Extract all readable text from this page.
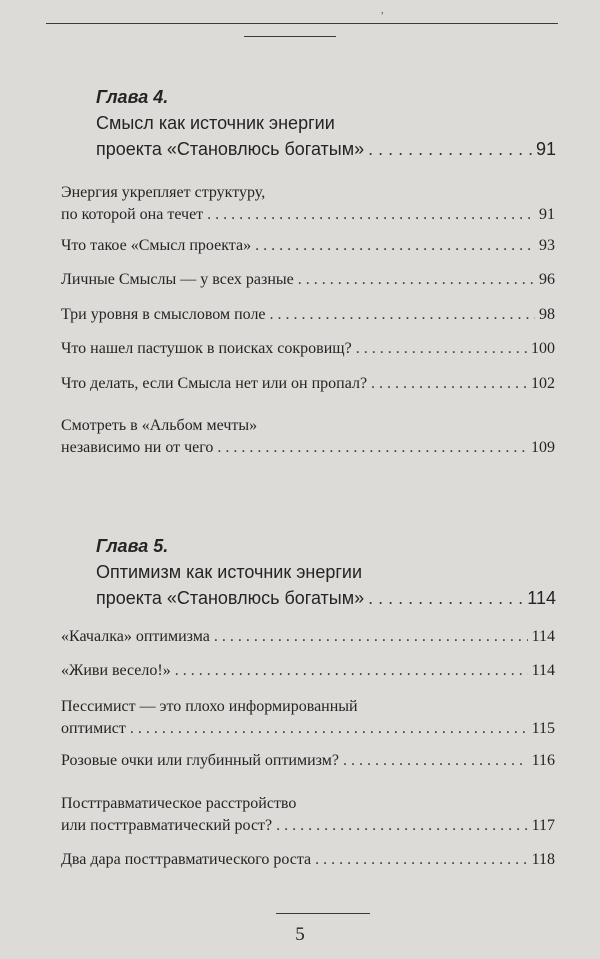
,
Глава 4.
Смысл как источник энергии
проекта «Становлюсь богатым» . . .	91
Энергия укрепляет структуру,
по которой она течет . . .	91
Что такое «Смысл проекта» . . .	93
Личные Смыслы — у всех разные . . .	96
Три уровня в смысловом поле . . .	98
Что нашел пастушок в поисках сокровищ? . . .	100
Что делать, если Смысла нет или он пропал? . . .	102
Смотреть в «Альбом мечты»
независимо ни от чего . . .	109
Глава 5.
Оптимизм как источник энергии
проекта «Становлюсь богатым» . . .	114
«Качалка» оптимизма . . .	114
«Живи весело!» . . .	114
Пессимист — это плохо информированный
оптимист . . .	115
Розовые очки или глубинный оптимизм? . . .	116
Посттравматическое расстройство
или посттравматический рост? . . .	117
Два дара посттравматического роста . . .	118
5
